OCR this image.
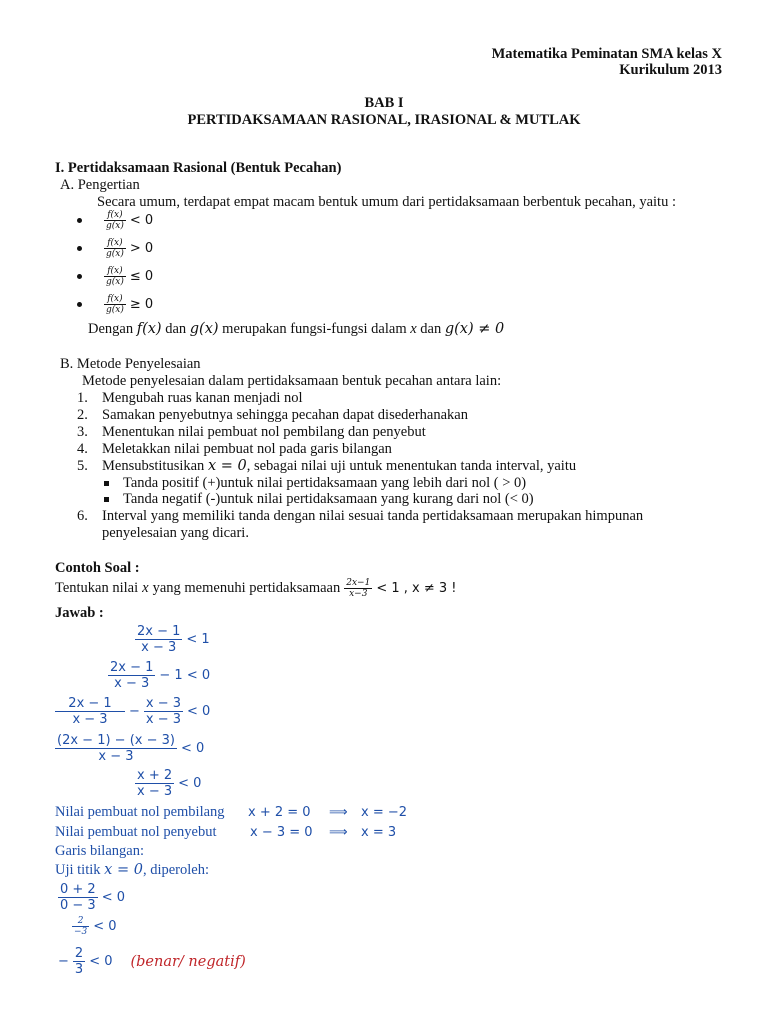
Matematika Peminatan SMA kelas X
Kurikulum 2013
BAB I
PERTIDAKSAMAAN RASIONAL, IRASIONAL & MUTLAK
I. Pertidaksamaan Rasional (Bentuk Pecahan)
A. Pengertian
Secara umum, terdapat empat macam bentuk umum dari pertidaksamaan berbentuk pecahan, yaitu :
$\frac{f(x)}{g(x)} < 0$
$\frac{f(x)}{g(x)} > 0$
$\frac{f(x)}{g(x)} \le 0$
$\frac{f(x)}{g(x)} \ge 0$
Dengan f(x) dan g(x) merupakan fungsi-fungsi dalam x dan g(x) ≠ 0
B. Metode Penyelesaian
Metode penyelesaian dalam pertidaksamaan bentuk pecahan antara lain:
1. Mengubah ruas kanan menjadi nol
2. Samakan penyebutnya sehingga pecahan dapat disederhanakan
3. Menentukan nilai pembuat nol pembilang dan penyebut
4. Meletakkan nilai pembuat nol pada garis bilangan
5. Mensubstitusikan x = 0, sebagai nilai uji untuk menentukan tanda interval, yaitu
Tanda positif (+)untuk nilai pertidaksamaan yang lebih dari nol ( > 0)
Tanda negatif (-)untuk nilai pertidaksamaan yang kurang dari nol (< 0)
6. Interval yang memiliki tanda dengan nilai sesuai tanda pertidaksamaan merupakan himpunan
penyelesaian yang dicari.
Contoh Soal :
Tentukan nilai x yang memenuhi pertidaksamaan $\frac{2x-1}{x-3} < 1$ , x ≠ 3 !
Jawab :
$\frac{2x - 1}{x - 3} < 1$
$\frac{2x - 1}{x - 3} - 1 < 0$
$\frac{2x - 1}{x - 3} - \frac{x - 3}{x - 3} < 0$
$\frac{(2x - 1) - (x - 3)}{x - 3} < 0$
$\frac{x + 2}{x - 3} < 0$
Nilai pembuat nol pembilang x + 2 = 0 ⟹ x = −2
Nilai pembuat nol penyebut	x − 3 = 0 ⟹ x = 3
Garis bilangan:
Uji titik x = 0, diperoleh:
$\frac{0 + 2}{0 - 3} < 0$
$\frac{2}{-3} < 0$
− $\frac{2}{3} < 0$ (benar/ negatif)
